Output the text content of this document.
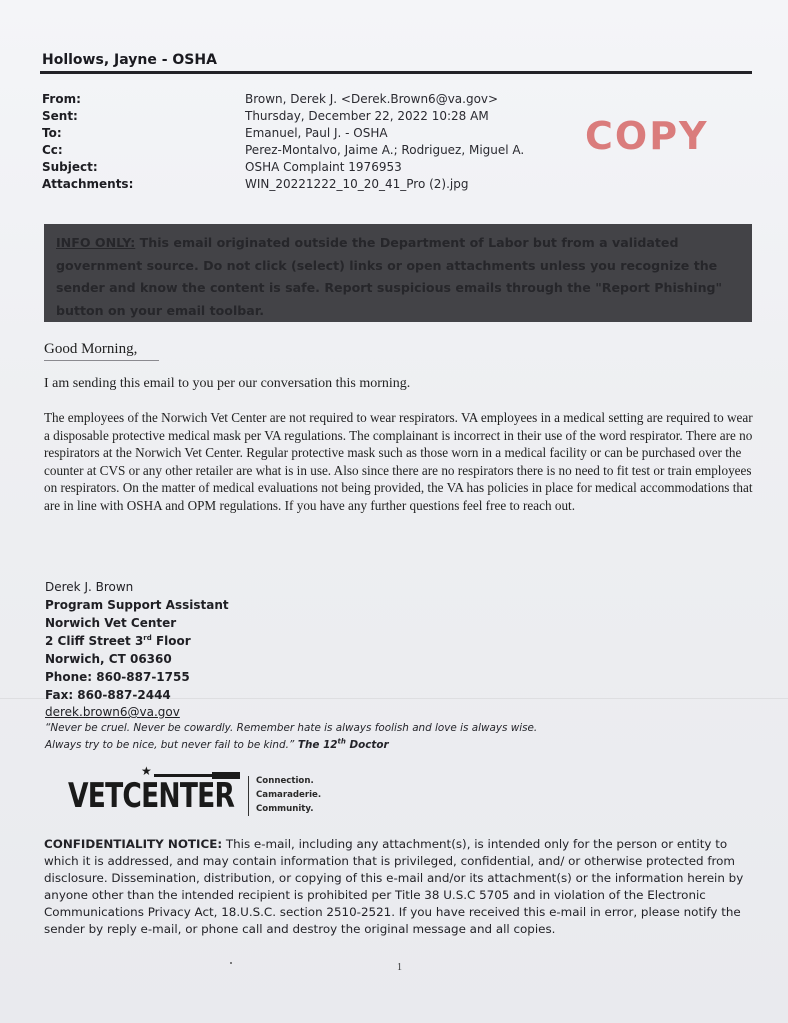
Hollows, Jayne - OSHA
From:	Brown, Derek J. <Derek.Brown6@va.gov>
Sent:	Thursday, December 22, 2022 10:28 AM
To:	Emanuel, Paul J. - OSHA
Cc:	Perez-Montalvo, Jaime A.; Rodriguez, Miguel A.
Subject:	OSHA Complaint 1976953
Attachments:	WIN_20221222_10_20_41_Pro (2).jpg
COPY

INFO ONLY: This email originated outside the Department of Labor but from a validated government source. Do not click (select) links or open attachments unless you recognize the sender and know the content is safe. Report suspicious emails through the "Report Phishing" button on your email toolbar.

Good Morning,
I am sending this email to you per our conversation this morning.

The employees of the Norwich Vet Center are not required to wear respirators. VA employees in a medical setting are required to wear a disposable protective medical mask per VA regulations. The complainant is incorrect in their use of the word respirator. There are no respirators at the Norwich Vet Center. Regular protective mask such as those worn in a medical facility or can be purchased over the counter at CVS or any other retailer are what is in use. Also since there are no respirators there is no need to fit test or train employees on respirators. On the matter of medical evaluations not being provided, the VA has policies in place for medical accommodations that are in line with OSHA and OPM regulations. If you have any further questions feel free to reach out.

Derek J. Brown
Program Support Assistant
Norwich Vet Center
2 Cliff Street 3rd Floor
Norwich, CT 06360
Phone: 860-887-1755
Fax: 860-887-2444
derek.brown6@va.gov
“Never be cruel. Never be cowardly. Remember hate is always foolish and love is always wise.
Always try to be nice, but never fail to be kind.” The 12th Doctor
★
VETCENTER	Connection.
Camaraderie.
Community.

CONFIDENTIALITY NOTICE: This e-mail, including any attachment(s), is intended only for the person or entity to which it is addressed, and may contain information that is privileged, confidential, and/ or otherwise protected from disclosure. Dissemination, distribution, or copying of this e-mail and/or its attachment(s) or the information herein by anyone other than the intended recipient is prohibited per Title 38 U.S.C 5705 and in violation of the Electronic Communications Privacy Act, 18.U.S.C. section 2510-2521. If you have received this e-mail in error, please notify the sender by reply e-mail, or phone call and destroy the original message and all copies.

1
